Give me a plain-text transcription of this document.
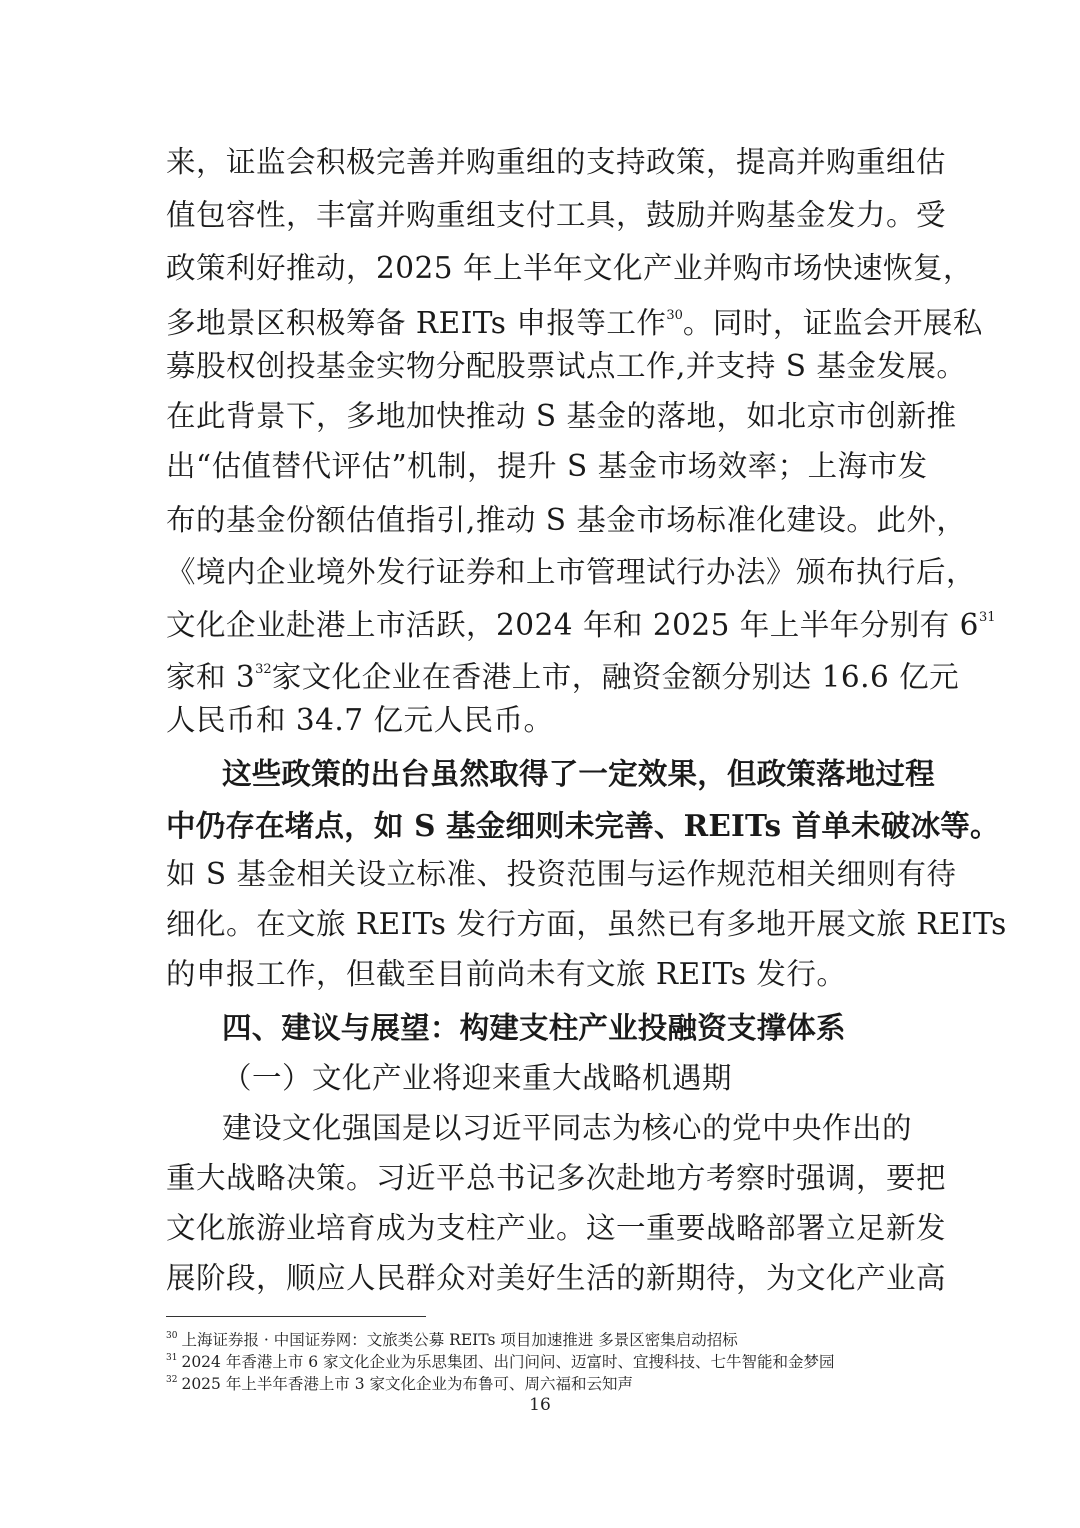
来，证监会积极完善并购重组的支持政策，提高并购重组估
值包容性，丰富并购重组支付工具，鼓励并购基金发力。受
政策利好推动，2025 年上半年文化产业并购市场快速恢复，
多地景区积极筹备 REITs 申报等工作$^{30}$。同时，证监会开展私
募股权创投基金实物分配股票试点工作,并支持 S 基金发展。
在此背景下，多地加快推动 S 基金的落地，如北京市创新推
出“估值替代评估”机制，提升 S 基金市场效率；上海市发
布的基金份额估值指引,推动 S 基金市场标准化建设。此外，
《境内企业境外发行证券和上市管理试行办法》颁布执行后，
文化企业赴港上市活跃，2024 年和 2025 年上半年分别有 $6^{31}$
家和 $3^{32}$家文化企业在香港上市，融资金额分别达 16.6 亿元
人民币和 34.7 亿元人民币。
这些政策的出台虽然取得了一定效果，但政策落地过程
中仍存在堵点，如 S 基金细则未完善、REITs 首单未破冰等。
如 S 基金相关设立标准、投资范围与运作规范相关细则有待
细化。在文旅 REITs 发行方面，虽然已有多地开展文旅 REITs
的申报工作，但截至目前尚未有文旅 REITs 发行。
四、建议与展望：构建支柱产业投融资支撑体系
（一）文化产业将迎来重大战略机遇期
建设文化强国是以习近平同志为核心的党中央作出的
重大战略决策。习近平总书记多次赴地方考察时强调，要把
文化旅游业培育成为支柱产业。这一重要战略部署立足新发
展阶段，顺应人民群众对美好生活的新期待，为文化产业高
$^{30}$ 上海证券报 · 中国证券网：文旅类公募 REITs 项目加速推进 多景区密集启动招标
$^{31}$ 2024 年香港上市 6 家文化企业为乐思集团、出门问问、迈富时、宜搜科技、七牛智能和金梦园
$^{32}$ 2025 年上半年香港上市 3 家文化企业为布鲁可、周六福和云知声
16
